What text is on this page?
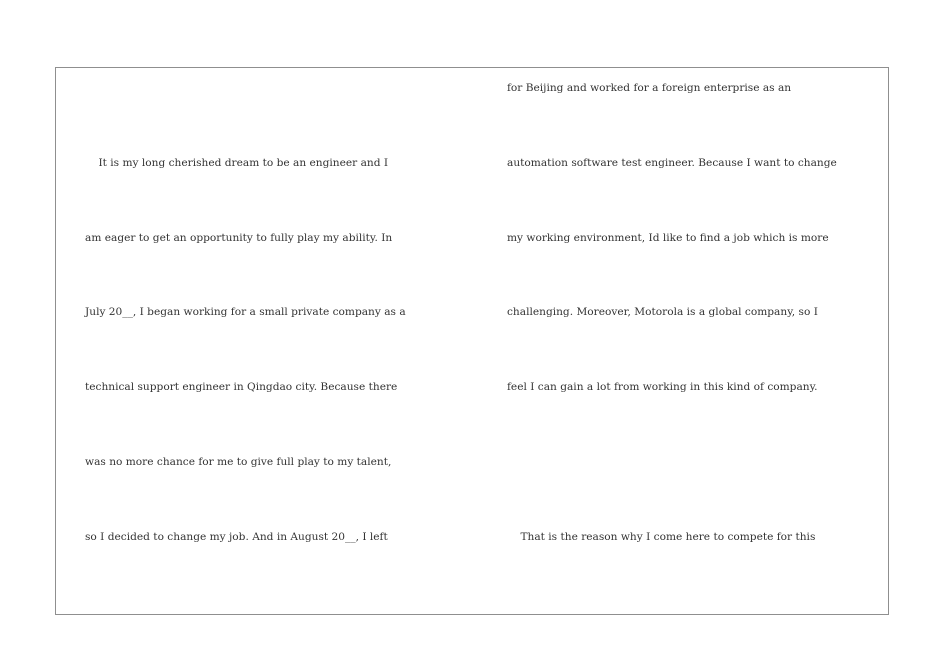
It is my long cherished dream to be an engineer and I
am eager to get an opportunity to fully play my ability. In
July 20__, I began working for a small private company as a
technical support engineer in Qingdao city. Because there
was no more chance for me to give full play to my talent,
so I decided to change my job. And in August 20__, I left
for Beijing and worked for a foreign enterprise as an
automation software test engineer. Because I want to change
my working environment, Id like to find a job which is more
challenging. Moreover, Motorola is a global company, so I
feel I can gain a lot from working in this kind of company.
That is the reason why I come here to compete for this
